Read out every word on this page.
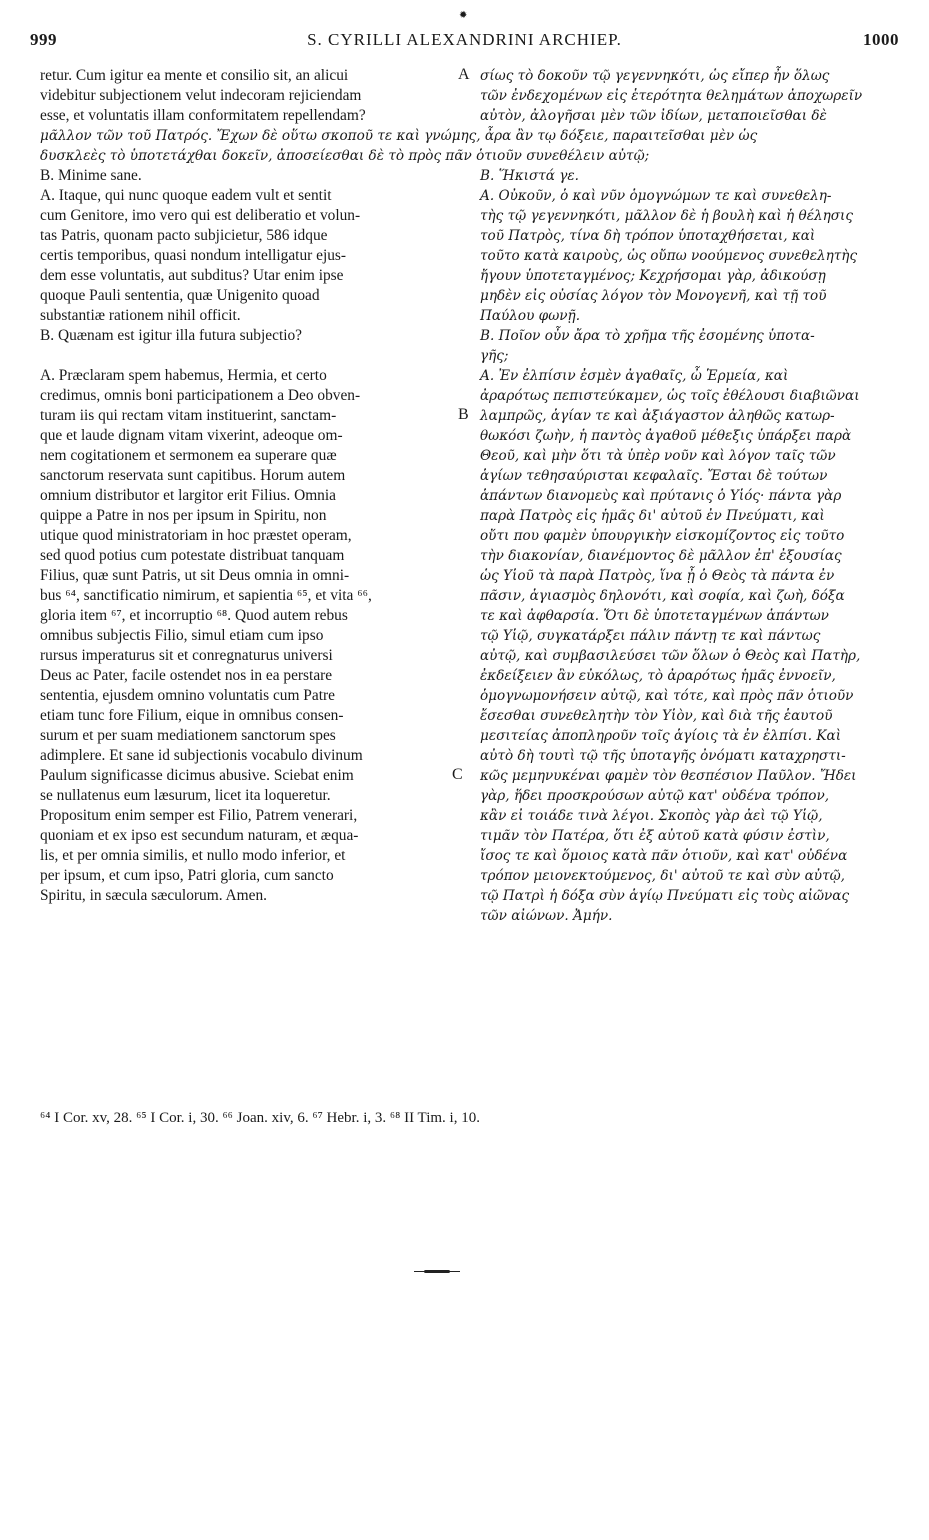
✹
999	S. CYRILLI ALEXANDRINI ARCHIEP.	1000
retur. Cum igitur ea mente et consilio sit, an alicui
videbitur subjectionem velut indecoram rejiciendam
esse, et voluntatis illam conformitatem repellendam?
B. Minime sane.
A. Itaque, qui nunc quoque eadem vult et sentit
cum Genitore, imo vero qui est deliberatio et volun-
tas Patris, quonam pacto subjicietur, 586 idque
certis temporibus, quasi nondum intelligatur ejus-
dem esse voluntatis, aut subditus? Utar enim ipse
quoque Pauli sententia, quæ Unigenito quoad
substantiæ rationem nihil officit.
B. Quænam est igitur illa futura subjectio?
A. Præclaram spem habemus, Hermia, et certo
credimus, omnis boni participationem a Deo obven-
turam iis qui rectam vitam instituerint, sanctam-
que et laude dignam vitam vixerint, adeoque om-
nem cogitationem et sermonem ea superare quæ
sanctorum reservata sunt capitibus. Horum autem
omnium distributor et largitor erit Filius. Omnia
quippe a Patre in nos per ipsum in Spiritu, non
utique quod ministratoriam in hoc præstet operam,
sed quod potius cum potestate distribuat tanquam
Filius, quæ sunt Patris, ut sit Deus omnia in omni-
bus ⁶⁴, sanctificatio nimirum, et sapientia ⁶⁵, et vita ⁶⁶,
gloria item ⁶⁷, et incorruptio ⁶⁸. Quod autem rebus
omnibus subjectis Filio, simul etiam cum ipso
rursus imperaturus sit et conregnaturus universi
Deus ac Pater, facile ostendet nos in ea perstare
sententia, ejusdem omnino voluntatis cum Patre
etiam tunc fore Filium, eique in omnibus consen-
surum et per suam mediationem sanctorum spes
adimplere. Et sane id subjectionis vocabulo divinum
Paulum significasse dicimus abusive. Sciebat enim
se nullatenus eum læsurum, licet ita loqueretur.
Propositum enim semper est Filio, Patrem venerari,
quoniam et ex ipso est secundum naturam, et æqua-
lis, et per omnia similis, et nullo modo inferior, et
per ipsum, et cum ipso, Patri gloria, cum sancto
Spiritu, in sæcula sæculorum. Amen.
σίως τὸ δοκοῦν τῷ γεγεννηκότι, ὡς εἴπερ ἦν ὅλως
τῶν ἐνδεχομένων εἰς ἑτερότητα θελημάτων ἀποχωρεῖν
αὐτὸν, ἀλογῆσαι μὲν τῶν ἰδίων, μεταποιεῖσθαι δὲ
Β. Ἥκιστά γε.
Α. Οὐκοῦν, ὁ καὶ νῦν ὁμογνώμων τε καὶ συνεθελη-
τὴς τῷ γεγεννηκότι, μᾶλλον δὲ ἡ βουλὴ καὶ ἡ θέλησις
τοῦ Πατρὸς, τίνα δὴ τρόπον ὑποταχθήσεται, καὶ
τοῦτο κατὰ καιροὺς, ὡς οὔπω νοούμενος συνεθελητὴς
ἤγουν ὑποτεταγμένος; Κεχρήσομαι γὰρ, ἀδικούσῃ
μηδὲν εἰς οὐσίας λόγον τὸν Μονογενῆ, καὶ τῇ τοῦ
Παύλου φωνῇ.
Β. Ποῖον οὖν ἄρα τὸ χρῆμα τῆς ἐσομένης ὑποτα-
γῆς;
Α. Ἐν ἐλπίσιν ἐσμὲν ἀγαθαῖς, ὦ Ἑρμεία, καὶ
ἀραρότως πεπιστεύκαμεν, ὡς τοῖς ἐθέλουσι διαβιῶναι
λαμπρῶς, ἁγίαν τε καὶ ἀξιάγαστον ἀληθῶς κατωρ-
θωκόσι ζωὴν, ἡ παντὸς ἀγαθοῦ μέθεξις ὑπάρξει παρὰ
Θεοῦ, καὶ μὴν ὅτι τὰ ὑπὲρ νοῦν καὶ λόγον ταῖς τῶν
ἁγίων τεθησαύρισται κεφαλαῖς. Ἔσται δὲ τούτων
ἁπάντων διανομεὺς καὶ πρύτανις ὁ Υἱός· πάντα γὰρ
παρὰ Πατρὸς εἰς ἡμᾶς δι' αὐτοῦ ἐν Πνεύματι, καὶ
οὔτι που φαμὲν ὑπουργικὴν εἰσκομίζοντος εἰς τοῦτο
τὴν διακονίαν, διανέμοντος δὲ μᾶλλον ἐπ' ἐξουσίας
ὡς Υἱοῦ τὰ παρὰ Πατρὸς, ἵνα ᾖ ὁ Θεὸς τὰ πάντα ἐν
πᾶσιν, ἁγιασμὸς δηλονότι, καὶ σοφία, καὶ ζωὴ, δόξα
τε καὶ ἀφθαρσία. Ὅτι δὲ ὑποτεταγμένων ἁπάντων
τῷ Υἱῷ, συγκατάρξει πάλιν πάντῃ τε καὶ πάντως
αὐτῷ, καὶ συμβασιλεύσει τῶν ὅλων ὁ Θεὸς καὶ Πατὴρ,
ἐκδείξειεν ἂν εὐκόλως, τὸ ἀραρότως ἡμᾶς ἐννοεῖν,
ὁμογνωμονήσειν αὐτῷ, καὶ τότε, καὶ πρὸς πᾶν ὁτιοῦν
ἔσεσθαι συνεθελητὴν τὸν Υἱὸν, καὶ διὰ τῆς ἑαυτοῦ
μεσιτείας ἀποπληροῦν τοῖς ἁγίοις τὰ ἐν ἐλπίσι. Καὶ
αὐτὸ δὴ τουτὶ τῷ τῆς ὑποταγῆς ὀνόματι καταχρηστι-
κῶς μεμηνυκέναι φαμὲν τὸν θεσπέσιον Παῦλον. Ἤδει
γὰρ, ἥδει προσκρούσων αὐτῷ κατ' οὐδένα τρόπον,
κἂν εἰ τοιάδε τινὰ λέγοι. Σκοπὸς γὰρ ἀεὶ τῷ Υἱῷ,
τιμᾶν τὸν Πατέρα, ὅτι ἐξ αὐτοῦ κατὰ φύσιν ἐστὶν,
ἴσος τε καὶ ὅμοιος κατὰ πᾶν ὁτιοῦν, καὶ κατ' οὐδένα
τρόπον μειονεκτούμενος, δι' αὐτοῦ τε καὶ σὺν αὐτῷ,
τῷ Πατρὶ ἡ δόξα σὺν ἁγίῳ Πνεύματι εἰς τοὺς αἰῶνας
τῶν αἰώνων. Ἀμήν.
μᾶλλον τῶν τοῦ Πατρός. Ἔχων δὲ οὕτω σκοποῦ τε καὶ γνώμης, ἆρα ἂν τῳ δόξειε, παραιτεῖσθαι μὲν ὡς
δυσκλεὲς τὸ ὑποτετάχθαι δοκεῖν, ἀποσείεσθαι δὲ τὸ πρὸς πᾶν ὁτιοῦν συνεθέλειν αὐτῷ;
A
B
C
⁶⁴ I Cor. xv, 28. ⁶⁵ I Cor. i, 30. ⁶⁶ Joan. xiv, 6. ⁶⁷ Hebr. i, 3. ⁶⁸ II Tim. i, 10.
